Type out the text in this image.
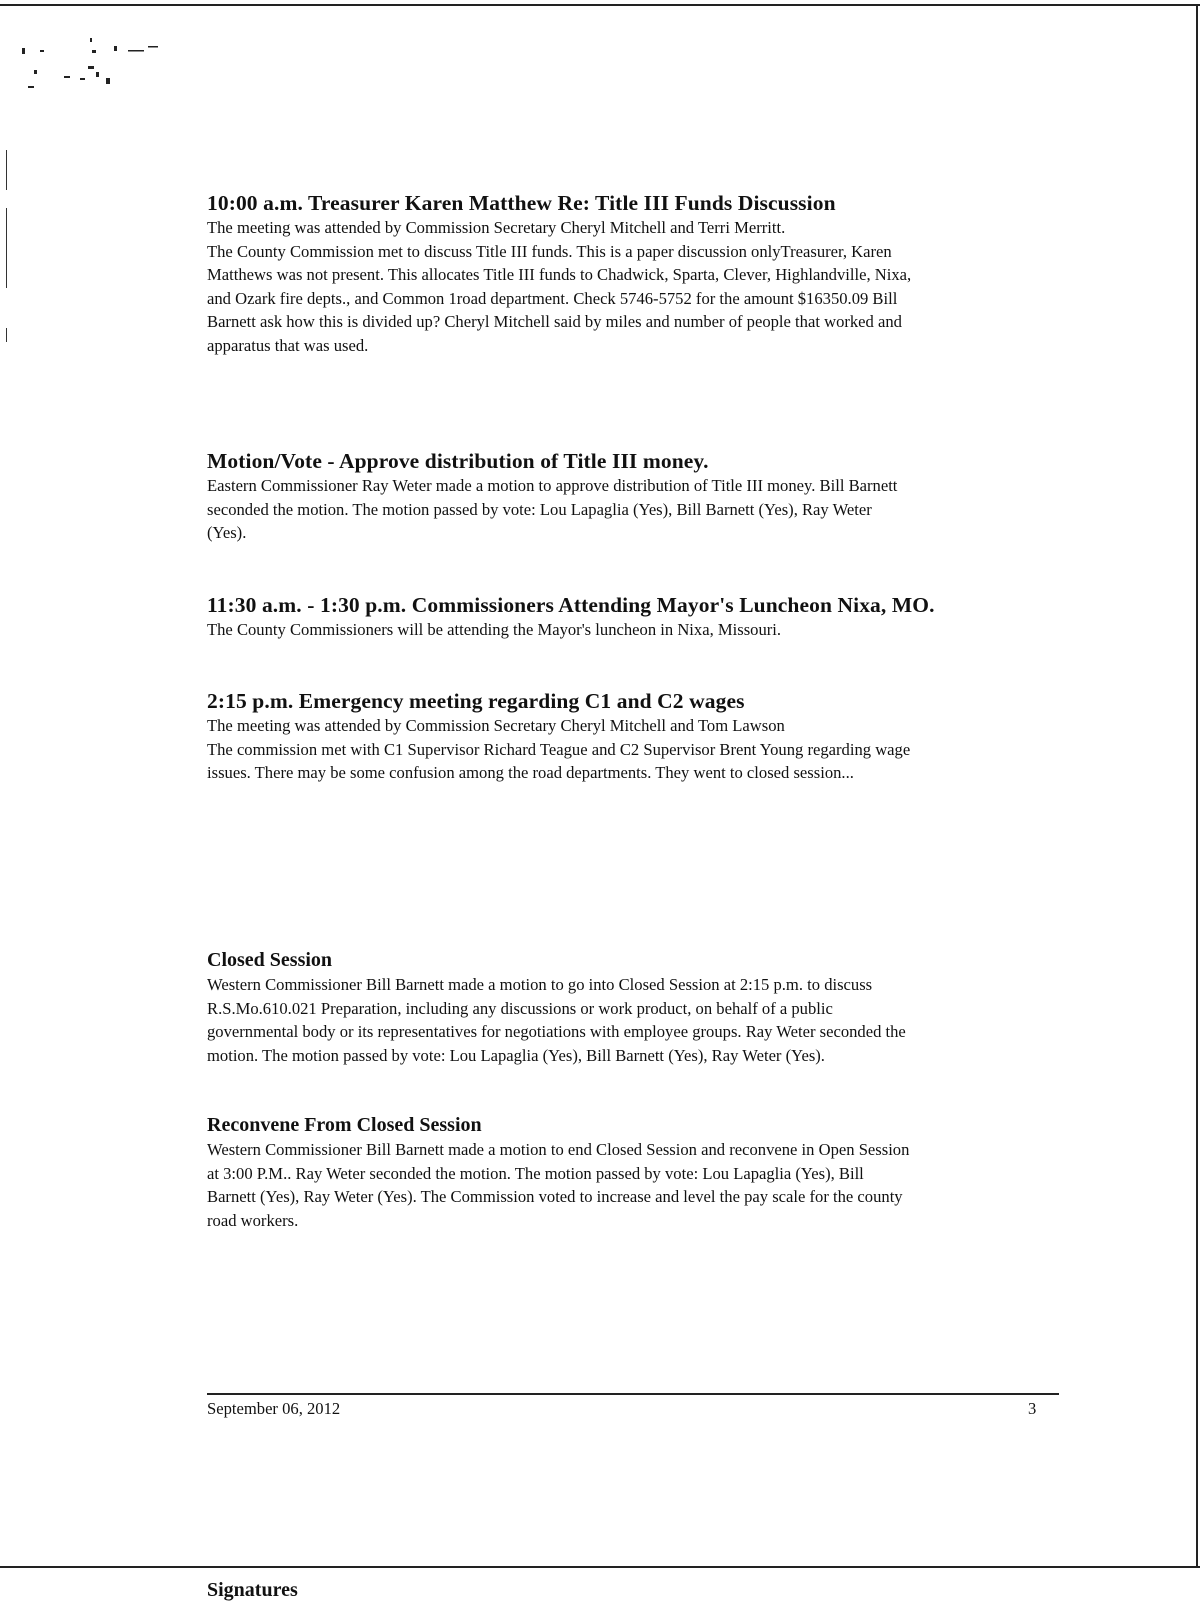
10:00 a.m. Treasurer Karen Matthew Re: Title III Funds Discussion

The meeting was attended by Commission Secretary Cheryl Mitchell and Terri Merritt.

The County Commission met to discuss Title III funds. This is a paper discussion onlyTreasurer, Karen

Matthews was not present. This allocates Title III funds to Chadwick, Sparta, Clever, Highlandville, Nixa,

and Ozark fire depts., and Common 1road department. Check 5746-5752 for the amount $16350.09 Bill

Barnett ask how this is divided up? Cheryl Mitchell said by miles and number of people that worked and

apparatus that was used.

Motion/Vote - Approve distribution of Title III money.

Eastern Commissioner Ray Weter made a motion to approve distribution of Title III money. Bill Barnett

seconded the motion. The motion passed by vote: Lou Lapaglia (Yes), Bill Barnett (Yes), Ray Weter

(Yes).

11:30 a.m. - 1:30 p.m. Commissioners Attending Mayor's Luncheon Nixa, MO.

The County Commissioners will be attending the Mayor's luncheon in Nixa, Missouri.

2:15 p.m. Emergency meeting regarding C1 and C2 wages

The meeting was attended by Commission Secretary Cheryl Mitchell and Tom Lawson

The commission met with C1 Supervisor Richard Teague and C2 Supervisor Brent Young regarding wage

issues. There may be some confusion among the road departments. They went to closed session...

Closed Session

Western Commissioner Bill Barnett made a motion to go into Closed Session at 2:15 p.m. to discuss

R.S.Mo.610.021 Preparation, including any discussions or work product, on behalf of a public

governmental body or its representatives for negotiations with employee groups. Ray Weter seconded the

motion. The motion passed by vote: Lou Lapaglia (Yes), Bill Barnett (Yes), Ray Weter (Yes).

Reconvene From Closed Session

Western Commissioner Bill Barnett made a motion to end Closed Session and reconvene in Open Session

at 3:00 P.M.. Ray Weter seconded the motion. The motion passed by vote: Lou Lapaglia (Yes), Bill

Barnett (Yes), Ray Weter (Yes). The Commission voted to increase and level the pay scale for the county

road workers.

Signatures
September 06, 2012	3
